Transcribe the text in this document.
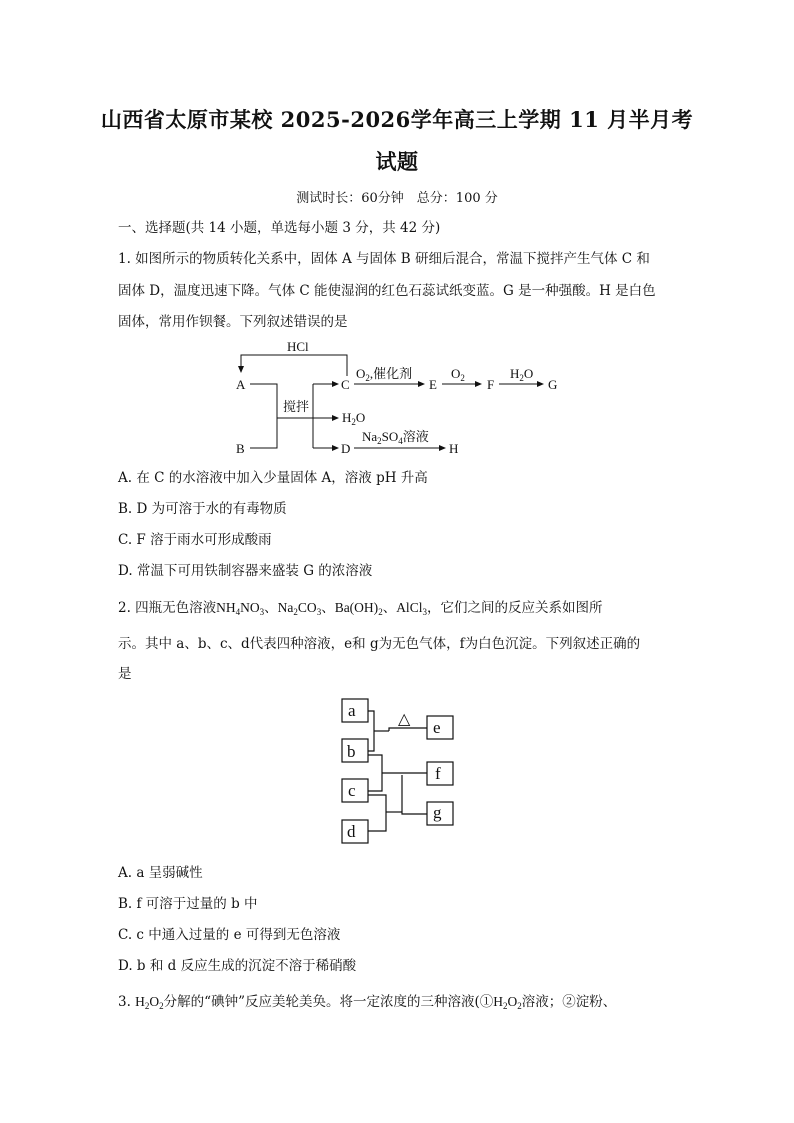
山西省太原市某校 2025-2026学年高三上学期 11 月半月考
试题
测试时长：60分钟　总分：100 分
一、选择题(共 14 小题，单选每小题 3 分，共 42 分)
1. 如图所示的物质转化关系中，固体 A 与固体 B 研细后混合，常温下搅拌产生气体 C 和
固体 D，温度迅速下降。气体 C 能使湿润的红色石蕊试纸变蓝。G 是一种强酸。H 是白色
固体，常用作钡餐。下列叙述错误的是
HCl
A
B
C
D
E	F	G
H
搅拌
$O_2$,催化剂	$O_2$	$H_2O$
$H_2O$
$Na_2SO_4$溶液
A. 在 C 的水溶液中加入少量固体 A，溶液 pH 升高
B. D 为可溶于水的有毒物质
C. F 溶于雨水可形成酸雨
D. 常温下可用铁制容器来盛装 G 的浓溶液
2. 四瓶无色溶液$NH_4NO_3$、$Na_2CO_3$、$Ba(OH)_2$、AlCl$_3$，它们之间的反应关系如图所
示。其中 a、b、c、d代表四种溶液，e和 g为无色气体，f为白色沉淀。下列叙述正确的
是
a
b
c
d
e
f
g
△
A. a 呈弱碱性
B. f 可溶于过量的 b 中
C. c 中通入过量的 e 可得到无色溶液
D. b 和 d 反应生成的沉淀不溶于稀硝酸
3. $H_2O_2$分解的“碘钟”反应美轮美奂。将一定浓度的三种溶液($①H_2O_2$溶液；②淀粉、
